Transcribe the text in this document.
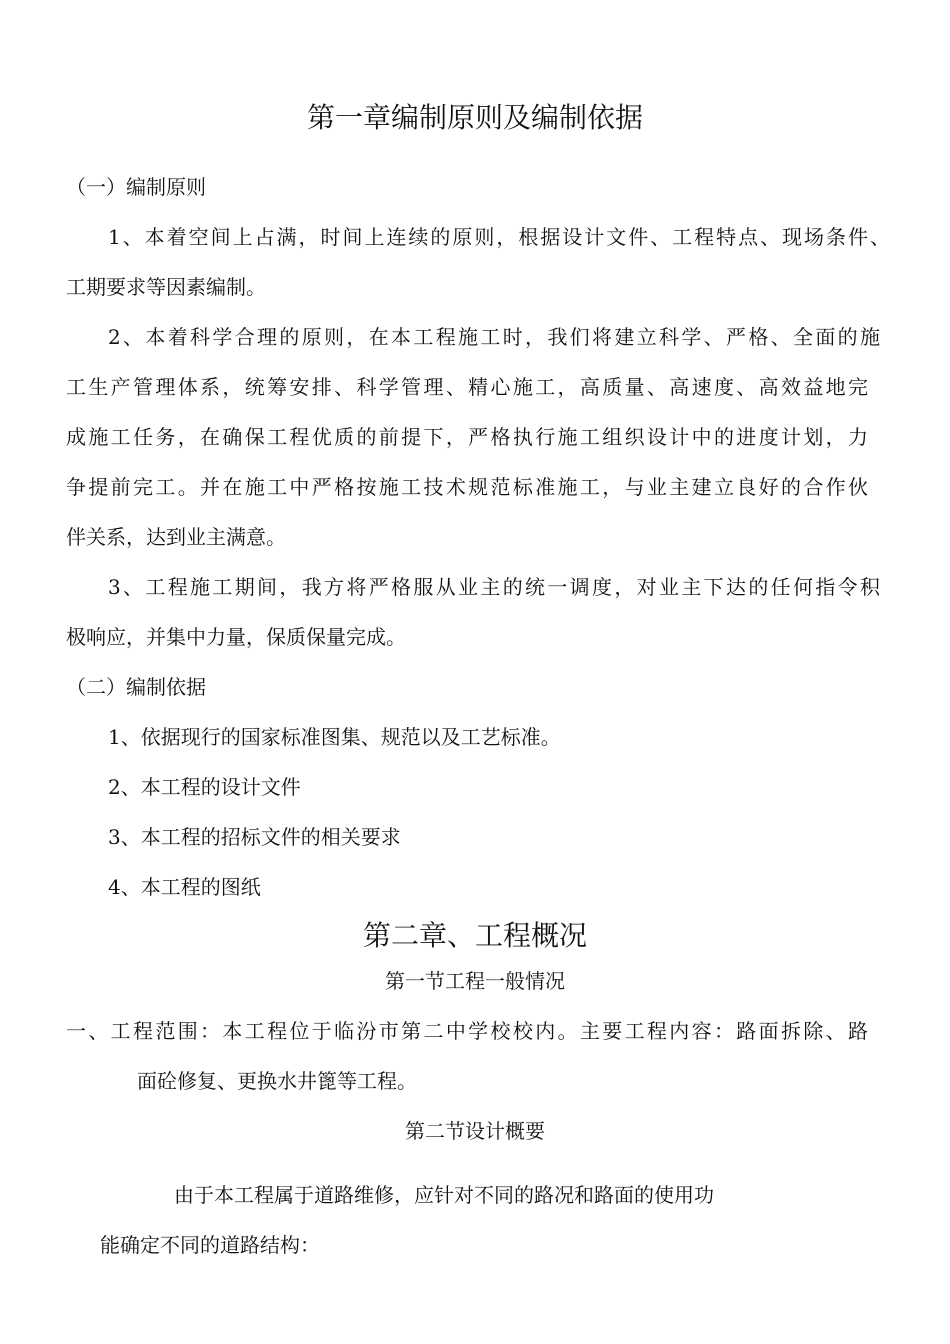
第一章编制原则及编制依据
（一）编制原则
1、本着空间上占满，时间上连续的原则，根据设计文件、工程特点、现场条件、
工期要求等因素编制。
2、本着科学合理的原则，在本工程施工时，我们将建立科学、严格、全面的施
工生产管理体系，统筹安排、科学管理、精心施工，高质量、高速度、高效益地完
成施工任务，在确保工程优质的前提下，严格执行施工组织设计中的进度计划，力
争提前完工。并在施工中严格按施工技术规范标准施工，与业主建立良好的合作伙
伴关系，达到业主满意。
3、工程施工期间，我方将严格服从业主的统一调度，对业主下达的任何指令积
极响应，并集中力量，保质保量完成。
（二）编制依据
1、依据现行的国家标准图集、规范以及工艺标准。
2、本工程的设计文件
3、本工程的招标文件的相关要求
4、本工程的图纸
第二章、工程概况
第一节工程一般情况
一、工程范围：本工程位于临汾市第二中学校校内。主要工程内容：路面拆除、路
面砼修复、更换水井篦等工程。
第二节设计概要
由于本工程属于道路维修，应针对不同的路况和路面的使用功
能确定不同的道路结构：
